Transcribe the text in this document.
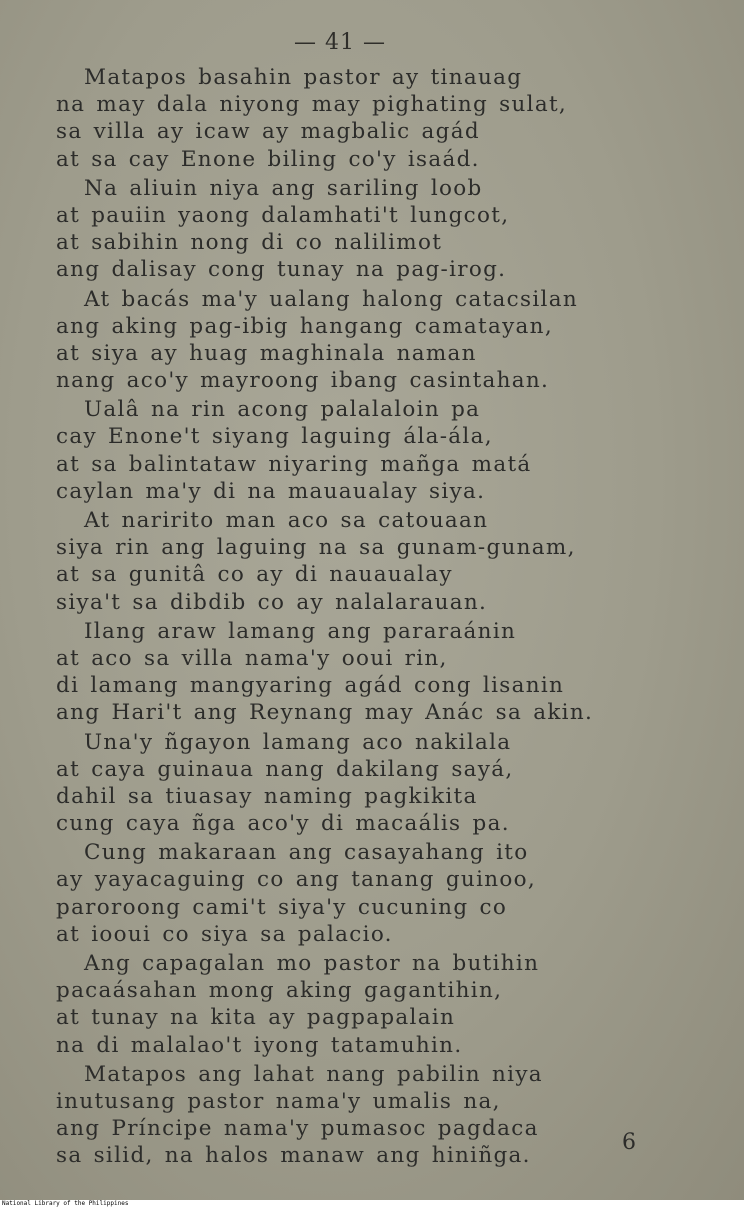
— 41 —
Matapos basahin pastor ay tinauag
na may dala niyong may pighating sulat,
sa villa ay icaw ay magbalic agád
at sa cay Enone biling co'y isaád.
Na aliuin niya ang sariling loob
at pauiin yaong dalamhati't lungcot,
at sabihin nong di co nalilimot
ang dalisay cong tunay na pag-irog.
At bacás ma'y ualang halong catacsilan
ang aking pag-ibig hangang camatayan,
at siya ay huag maghinala naman
nang aco'y mayroong ibang casintahan.
Ualâ na rin acong palalaloin pa
cay Enone't siyang laguing ála-ála,
at sa balintataw niyaring mañga matá
caylan ma'y di na mauaualay siya.
At naririto man aco sa catouaan
siya rin ang laguing na sa gunam-gunam,
at sa gunitâ co ay di nauaualay
siya't sa dibdib co ay nalalarauan.
Ilang araw lamang ang pararaánin
at aco sa villa nama'y ooui rin,
di lamang mangyaring agád cong lisanin
ang Hari't ang Reynang may Anác sa akin.
Una'y ñgayon lamang aco nakilala
at caya guinaua nang dakilang sayá,
dahil sa tiuasay naming pagkikita
cung caya ñga aco'y di macaális pa.
Cung makaraan ang casayahang ito
ay yayacaguing co ang tanang guinoo,
paroroong cami't siya'y cucuning co
at iooui co siya sa palacio.
Ang capagalan mo pastor na butihin
pacaásahan mong aking gagantihin,
at tunay na kita ay pagpapalain
na di malalao't iyong tatamuhin.
Matapos ang lahat nang pabilin niya
inutusang pastor nama'y umalis na,
ang Príncipe nama'y pumasoc pagdaca
sa silid, na halos manaw ang hiniñga.
6
National Library of the Philippines
